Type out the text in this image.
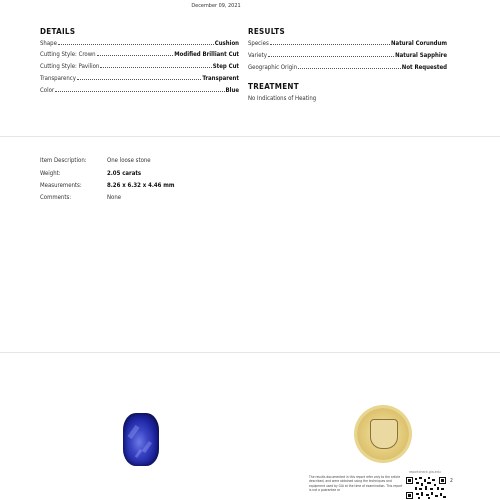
December 09, 2021
DETAILS
Shape	Cushion
Cutting Style: Crown	Modified Brilliant Cut
Cutting Style: Pavilion	Step Cut
Transparency	Transparent
Color	Blue
RESULTS
Species	Natural Corundum
Variety	Natural Sapphire
Geographic Origin	Not Requested
TREATMENT
No Indications of Heating
Item Description:	One loose stone
Weight:	2.05 carats
Measurements:	8.26 x 6.32 x 4.46 mm
Comments:	None
The results documented in this report refer only to the article described, and were obtained using the techniques and equipment used by GIA at the time of examination. This report is not a guarantee or
reportcheck.gia.edu
2
